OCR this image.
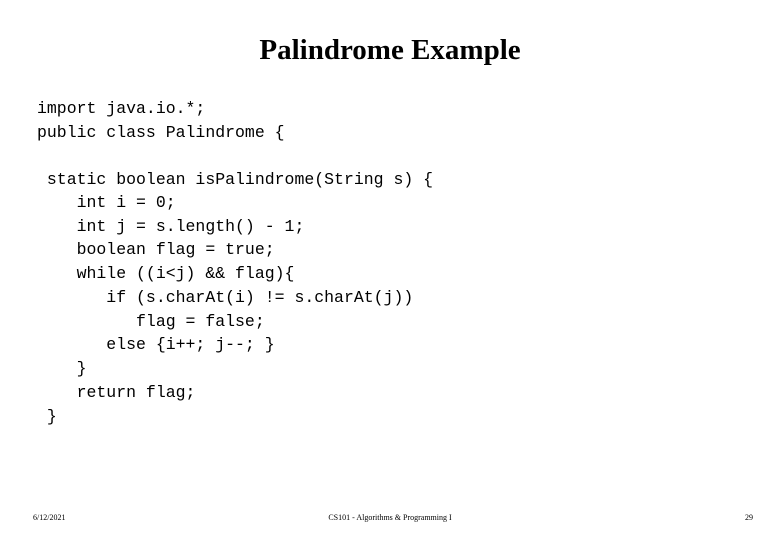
Palindrome Example
import java.io.*;
public class Palindrome {
static boolean isPalindrome(String s) {
int i = 0;
int j = s.length() - 1;
boolean flag = true;
while ((i<j) && flag){
if (s.charAt(i) != s.charAt(j))
flag = false;
else {i++; j--; }
}
return flag;
}
6/12/2021	CS101 - Algorithms & Programming I	29
